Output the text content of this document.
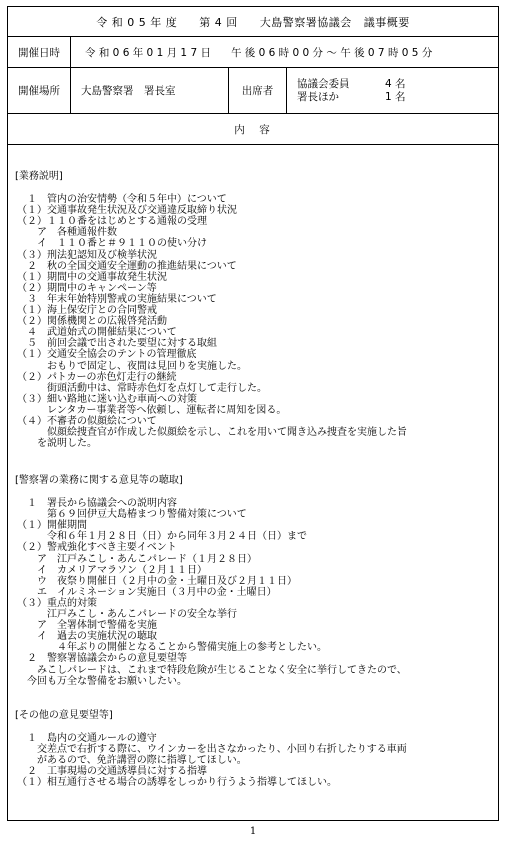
令 和 0 5 年 度
第 4 回
大島警察署協議会
議事概要
開催日時	令 和 0 6 年 0 1 月 1 7 日 午 後 0 6 時 0 0 分 ～ 午 後 0 7 時 0 5 分
開催場所	大島警察署　署長室	出席者
協議会委員	4 名
署長ほか	1 名
内　容
[業務説明]
　１　管内の治安情勢（令和５年中）について
（１）交通事故発生状況及び交通違反取締り状況
（２）１１０番をはじめとする通報の受理
　　ア　各種通報件数
　　イ　１１０番と＃９１１０の使い分け
（３）刑法犯認知及び検挙状況
　２　秋の全国交通安全運動の推進結果について
（１）期間中の交通事故発生状況
（２）期間中のキャンペーン等
　３　年末年始特別警戒の実施結果について
（１）海上保安庁との合同警戒
（２）関係機関との広報啓発活動
　４　武道始式の開催結果について
　５　前回会議で出された要望に対する取組
（１）交通安全協会のテントの管理徹底
　　　おもりで固定し、夜間は見回りを実施した。
（２）パトカーの赤色灯走行の継続
　　　街頭活動中は、常時赤色灯を点灯して走行した。
（３）細い路地に迷い込む車両への対策
　　　レンタカー事業者等へ依頼し、運転者に周知を図る。
（４）不審者の似顔絵について
　　　似顔絵捜査官が作成した似顔絵を示し、これを用いて聞き込み捜査を実施した旨
　　を説明した。
[警察署の業務に関する意見等の聴取]
　１　署長から協議会への説明内容
　　　第６９回伊豆大島椿まつり警備対策について
（１）開催期間
　　　令和６年１月２８日（日）から同年３月２４日（日）まで
（２）警戒強化すべき主要イベント
　　ア　江戸みこし・あんこパレード（１月２８日）
　　イ　カメリアマラソン（２月１１日）
　　ウ　夜祭り開催日（２月中の金・土曜日及び２月１１日）
　　エ　イルミネーション実施日（３月中の金・土曜日）
（３）重点的対策
　　　江戸みこし・あんこパレードの安全な挙行
　　ア　全署体制で警備を実施
　　イ　過去の実施状況の聴取
　　　　４年ぶりの開催となることから警備実施上の参考としたい。
　２　警察署協議会からの意見要望等
　　みこしパレードは、これまで特段危険が生じることなく安全に挙行してきたので、
　今回も万全な警備をお願いしたい。
[その他の意見要望等]
　１　島内の交通ルールの遵守
　　交差点で右折する際に、ウインカーを出さなかったり、小回り右折したりする車両
　　があるので、免許講習の際に指導してほしい。
　２　工事現場の交通誘導員に対する指導
（１）相互通行させる場合の誘導をしっかり行うよう指導してほしい。
1
